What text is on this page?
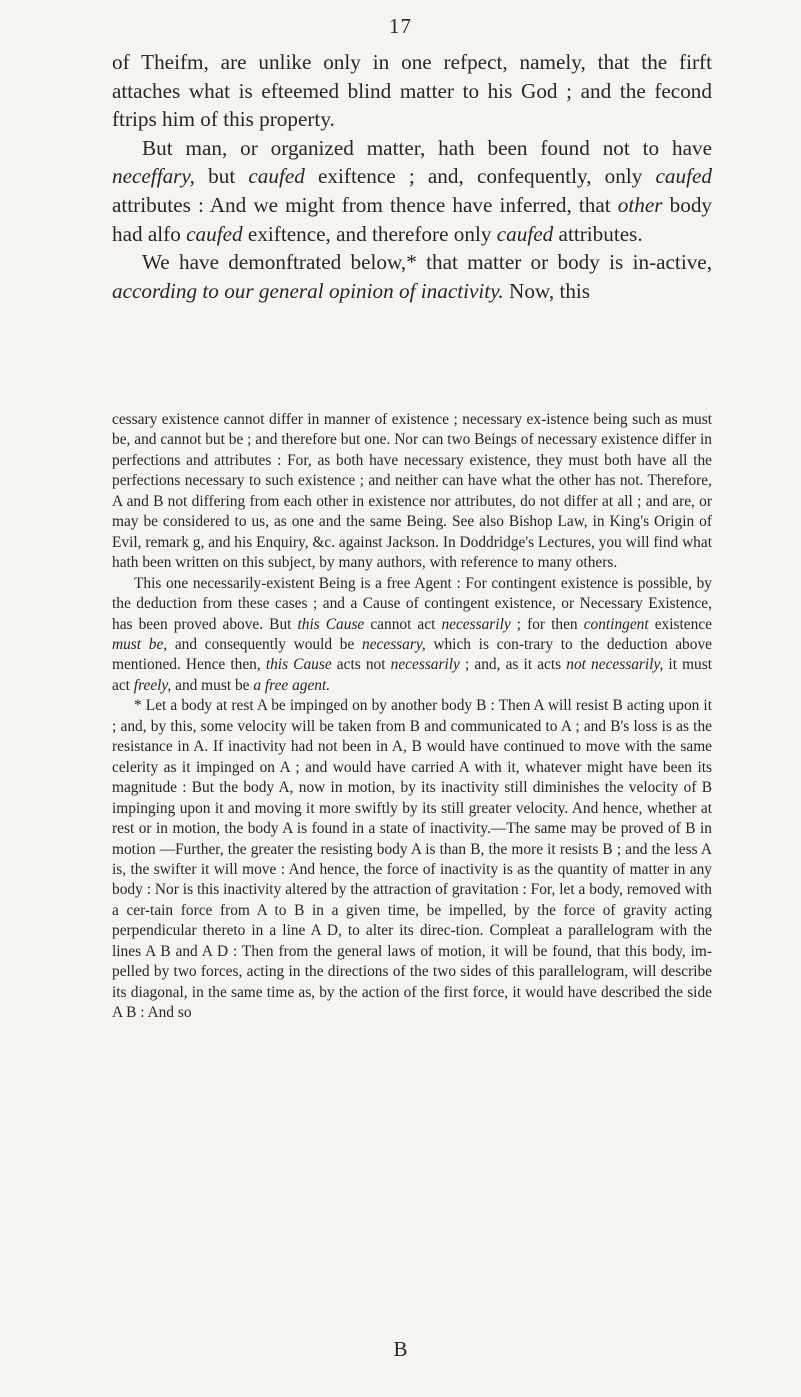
17

of Theifm, are unlike only in one refpect, namely, that the firft attaches what is efteemed blind matter to his God ; and the fecond ftrips him of this property.

But man, or organized matter, hath been found not to have neceffary, but caufed exiftence ; and, confequently, only caufed attributes : And we might from thence have inferred, that other body had alfo caufed exiftence, and therefore only caufed attributes.

We have demonftrated below,* that matter or body is in-active, according to our general opinion of inactivity. Now, this

cessary existence cannot differ in manner of existence ; necessary ex-istence being such as must be, and cannot but be ; and therefore but one. Nor can two Beings of necessary existence differ in perfections and attributes : For, as both have necessary existence, they must both have all the perfections necessary to such existence ; and neither can have what the other has not. Therefore, A and B not differing from each other in existence nor attributes, do not differ at all ; and are, or may be considered to us, as one and the same Being. See also Bishop Law, in King's Origin of Evil, remark g, and his Enquiry, &c. against Jackson. In Doddridge's Lectures, you will find what hath been written on this subject, by many authors, with reference to many others.

This one necessarily-existent Being is a free Agent : For contingent existence is possible, by the deduction from these cases ; and a Cause of contingent existence, or Necessary Existence, has been proved above. But this Cause cannot act necessarily ; for then contingent existence must be, and consequently would be necessary, which is con-trary to the deduction above mentioned. Hence then, this Cause acts not necessarily ; and, as it acts not necessarily, it must act freely, and must be a free agent.

* Let a body at rest A be impinged on by another body B : Then A will resist B acting upon it ; and, by this, some velocity will be taken from B and communicated to A ; and B's loss is as the resistance in A. If inactivity had not been in A, B would have continued to move with the same celerity as it impinged on A ; and would have carried A with it, whatever might have been its magnitude : But the body A, now in motion, by its inactivity still diminishes the velocity of B impinging upon it and moving it more swiftly by its still greater velocity. And hence, whether at rest or in motion, the body A is found in a state of inactivity.—The same may be proved of B in motion —Further, the greater the resisting body A is than B, the more it resists B ; and the less A is, the swifter it will move : And hence, the force of inactivity is as the quantity of matter in any body : Nor is this inactivity altered by the attraction of gravitation : For, let a body, removed with a cer-tain force from A to B in a given time, be impelled, by the force of gravity acting perpendicular thereto in a line A D, to alter its direc-tion. Compleat a parallelogram with the lines A B and A D : Then from the general laws of motion, it will be found, that this body, im-pelled by two forces, acting in the directions of the two sides of this parallelogram, will describe its diagonal, in the same time as, by the action of the first force, it would have described the side A B : And so

B
